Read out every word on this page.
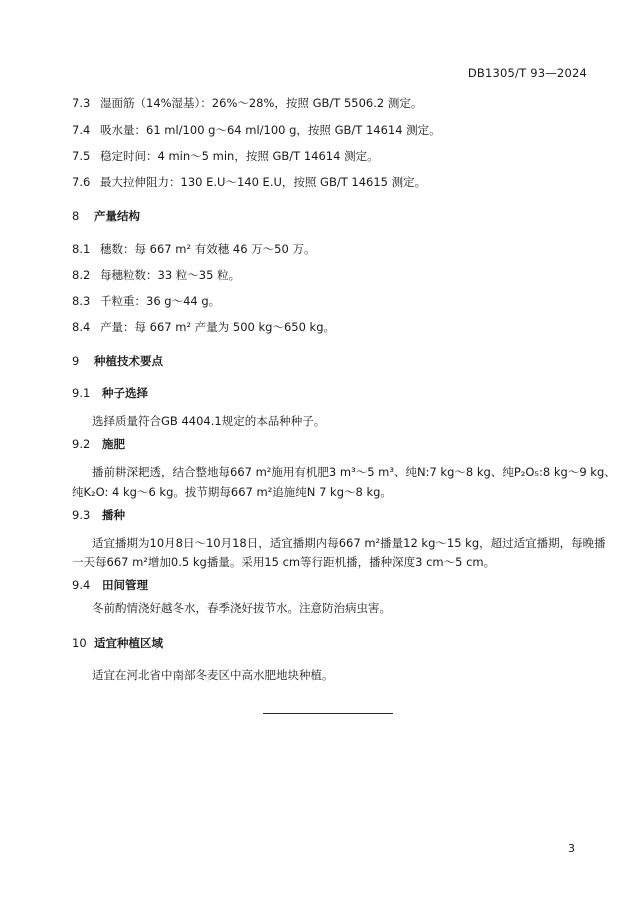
DB1305/T 93—2024
7.3 湿面筋（14%湿基）：26%～28%，按照 GB/T 5506.2 测定。
7.4 吸水量：61 ml/100 g～64 ml/100 g，按照 GB/T 14614 测定。
7.5 稳定时间：4 min～5 min，按照 GB/T 14614 测定。
7.6 最大拉伸阻力：130 E.U～140 E.U，按照 GB/T 14615 测定。
8 产量结构
8.1 穗数：每 667 m² 有效穗 46 万～50 万。
8.2 每穗粒数：33 粒～35 粒。
8.3 千粒重：36 g～44 g。
8.4 产量：每 667 m² 产量为 500 kg～650 kg。
9 种植技术要点
9.1 种子选择
选择质量符合GB 4404.1规定的本品种种子。
9.2 施肥
播前耕深耙透，结合整地每667 m²施用有机肥3 m³～5 m³、纯N:7 kg～8 kg、纯P₂O₅:8 kg～9 kg、
纯K₂O: 4 kg～6 kg。拔节期每667 m²追施纯N 7 kg～8 kg。
9.3 播种
适宜播期为10月8日～10月18日，适宜播期内每667 m²播量12 kg～15 kg，超过适宜播期，每晚播
一天每667 m²增加0.5 kg播量。采用15 cm等行距机播，播种深度3 cm～5 cm。
9.4 田间管理
冬前酌情浇好越冬水，春季浇好拔节水。注意防治病虫害。
10 适宜种植区域
适宜在河北省中南部冬麦区中高水肥地块种植。
3
